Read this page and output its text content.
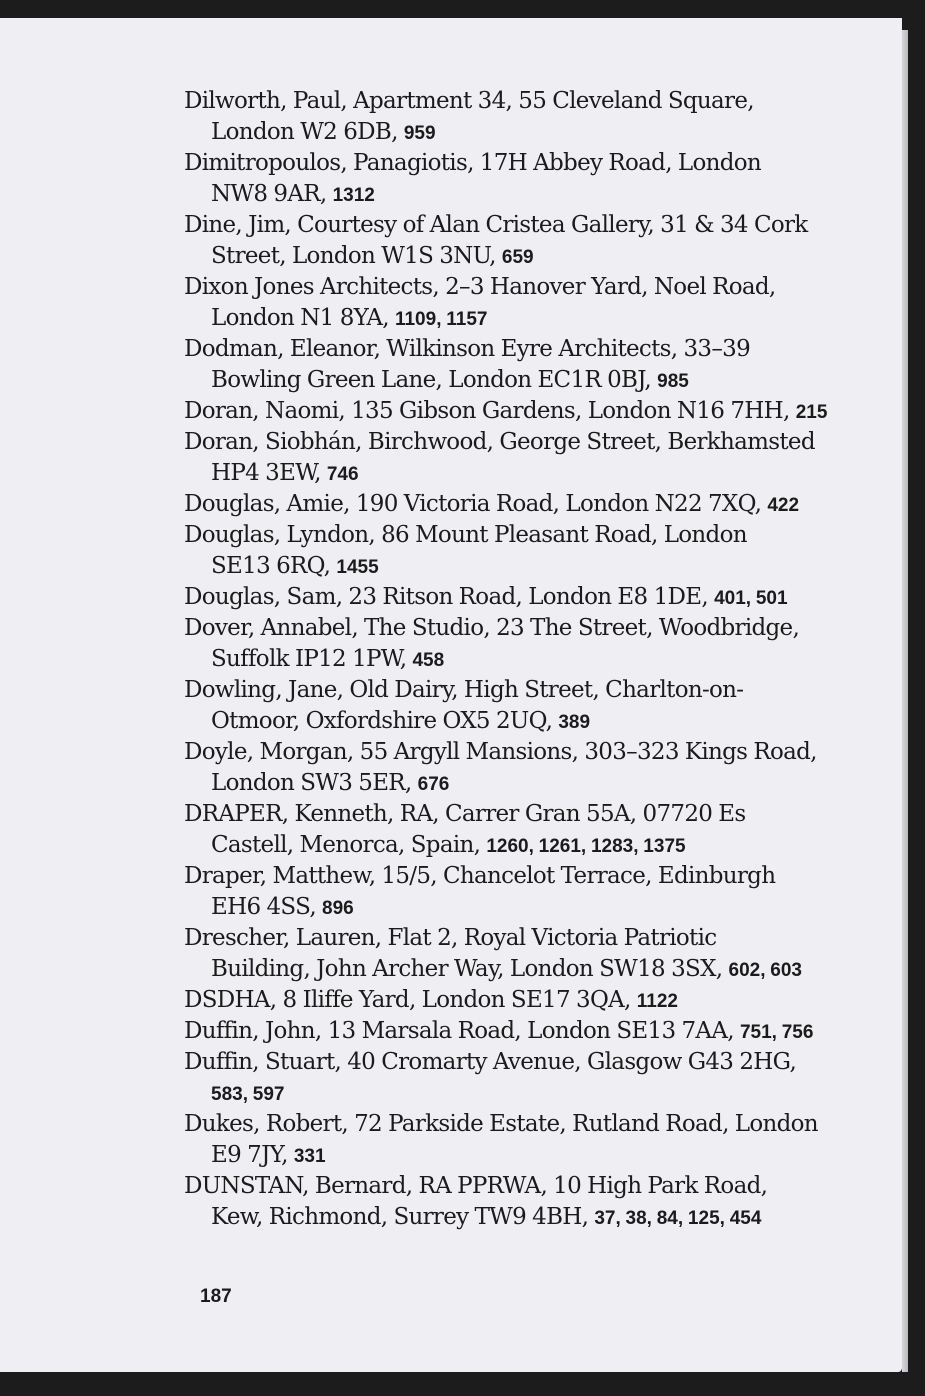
Dilworth, Paul, Apartment 34, 55 Cleveland Square,
London W2 6DB, 959
Dimitropoulos, Panagiotis, 17H Abbey Road, London
NW8 9AR, 1312
Dine, Jim, Courtesy of Alan Cristea Gallery, 31 & 34 Cork
Street, London W1S 3NU, 659
Dixon Jones Architects, 2–3 Hanover Yard, Noel Road,
London N1 8YA, 1109, 1157
Dodman, Eleanor, Wilkinson Eyre Architects, 33–39
Bowling Green Lane, London EC1R 0BJ, 985
Doran, Naomi, 135 Gibson Gardens, London N16 7HH, 215
Doran, Siobhán, Birchwood, George Street, Berkhamsted
HP4 3EW, 746
Douglas, Amie, 190 Victoria Road, London N22 7XQ, 422
Douglas, Lyndon, 86 Mount Pleasant Road, London
SE13 6RQ, 1455
Douglas, Sam, 23 Ritson Road, London E8 1DE, 401, 501
Dover, Annabel, The Studio, 23 The Street, Woodbridge,
Suffolk IP12 1PW, 458
Dowling, Jane, Old Dairy, High Street, Charlton-on-
Otmoor, Oxfordshire OX5 2UQ, 389
Doyle, Morgan, 55 Argyll Mansions, 303–323 Kings Road,
London SW3 5ER, 676
DRAPER, Kenneth, RA, Carrer Gran 55A, 07720 Es
Castell, Menorca, Spain, 1260, 1261, 1283, 1375
Draper, Matthew, 15/5, Chancelot Terrace, Edinburgh
EH6 4SS, 896
Drescher, Lauren, Flat 2, Royal Victoria Patriotic
Building, John Archer Way, London SW18 3SX, 602, 603
DSDHA, 8 Iliffe Yard, London SE17 3QA, 1122
Duffin, John, 13 Marsala Road, London SE13 7AA, 751, 756
Duffin, Stuart, 40 Cromarty Avenue, Glasgow G43 2HG,
583, 597
Dukes, Robert, 72 Parkside Estate, Rutland Road, London
E9 7JY, 331
DUNSTAN, Bernard, RA PPRWA, 10 High Park Road,
Kew, Richmond, Surrey TW9 4BH, 37, 38, 84, 125, 454
187
